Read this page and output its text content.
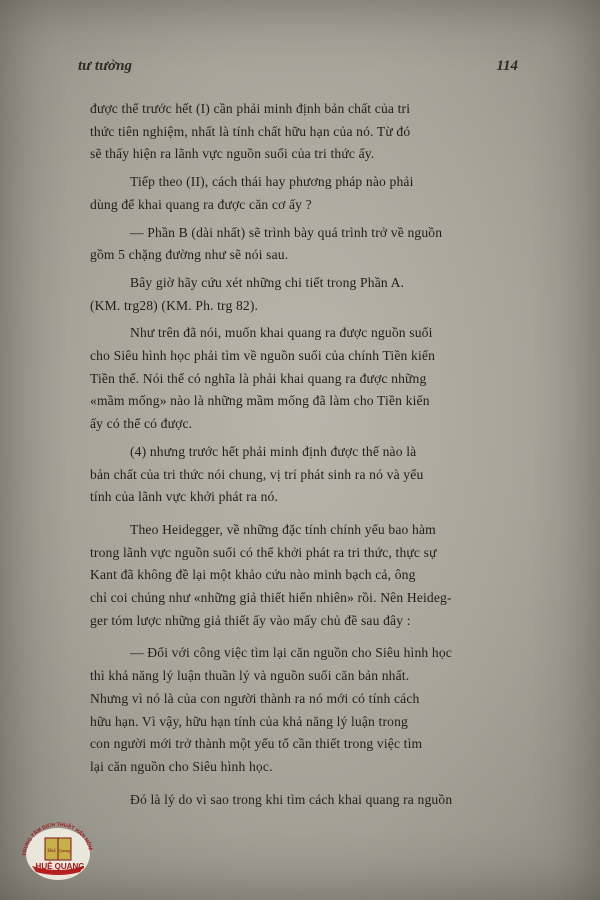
tư tưởng	114

được thể trước hết (I) cần phải minh định bản chất của tri
thức tiên nghiệm, nhất là tính chất hữu hạn của nó. Từ đó
sẽ thấy hiện ra lãnh vực nguồn suối của tri thức ấy.

Tiếp theo (II), cách thái hay phương pháp nào phải
dùng để khai quang ra được căn cơ ấy ?

— Phần B (dài nhất) sẽ trình bày quá trình trở về nguồn
gồm 5 chặng đường như sẽ nói sau.

Bây giờ hãy cứu xét những chi tiết trong Phần A.
(KM. trg28) (KM. Ph. trg 82).

Như trên đã nói, muốn khai quang ra được nguồn suối
cho Siêu hình học phải tìm về nguồn suối của chính Tiền kiến
Tiền thể. Nói thế có nghĩa là phải khai quang ra được những
«mầm mống» nào là những mầm mống đã làm cho Tiền kiến
ấy có thể có được.

(4) nhưng trước hết phải minh định được thế nào là
bản chất của tri thức nói chung, vị trí phát sinh ra nó và yếu
tính của lãnh vực khởi phát ra nó.

Theo Heidegger, về những đặc tính chính yếu bao hàm
trong lãnh vực nguồn suối có thể khởi phát ra tri thức, thực sự
Kant đã không đề lại một khảo cứu nào minh bạch cả, ông
chỉ coi chúng như «những giả thiết hiển nhiên» rồi. Nên Heideg-
ger tóm lược những giả thiết ấy vào mấy chủ đề sau đây :

— Đối với công việc tìm lại căn nguồn cho Siêu hình học
thì khả năng lý luận thuần lý và nguồn suối căn bản nhất.
Nhưng vì nó là của con người thành ra nó mới có tính cách
hữu hạn. Vì vậy, hữu hạn tính của khả năng lý luận trong
con người mới trở thành một yếu tố cần thiết trong việc tìm
lại căn nguồn cho Siêu hình học.

Đó là lý do vì sao trong khi tìm cách khai quang ra nguồn

TRUNG TÂM DỊCH THUẬT HÁN NÔM
Huệ Quang
HUỆ QUANG
